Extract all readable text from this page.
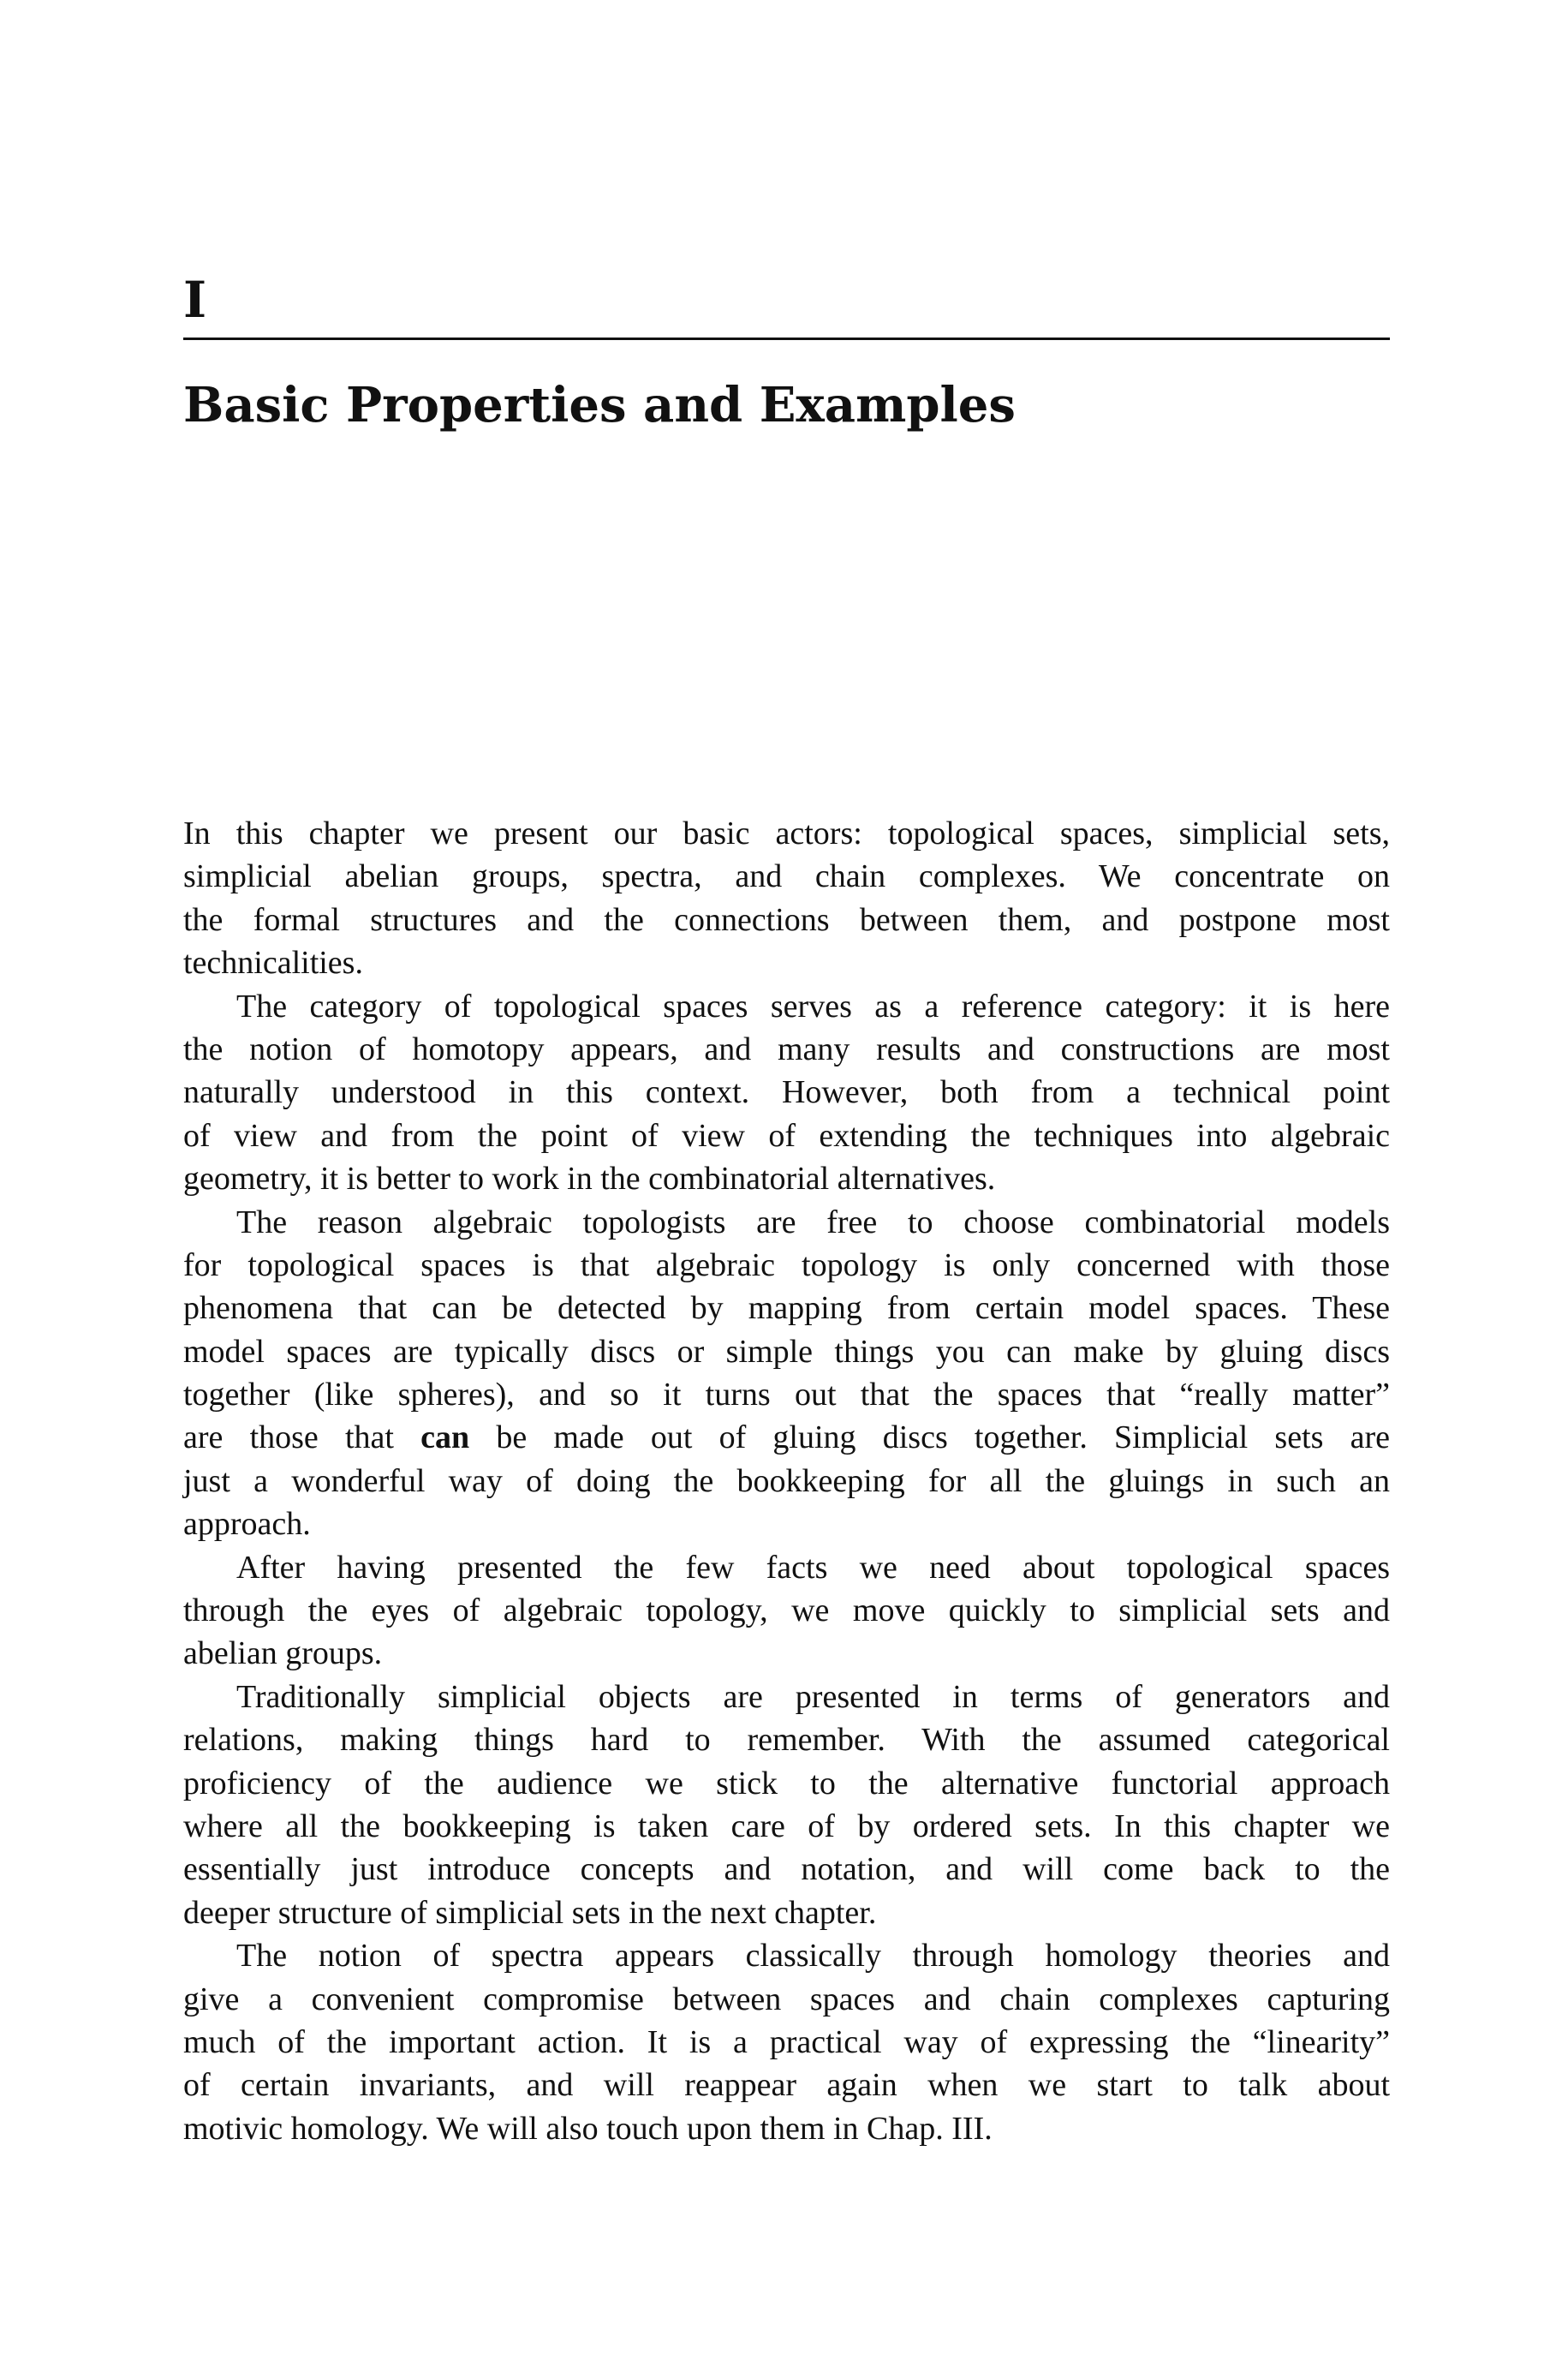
I
Basic Properties and Examples
In this chapter we present our basic actors: topological spaces, simplicial sets,
simplicial abelian groups, spectra, and chain complexes. We concentrate on
the formal structures and the connections between them, and postpone most
technicalities.
The category of topological spaces serves as a reference category: it is here
the notion of homotopy appears, and many results and constructions are most
naturally understood in this context. However, both from a technical point
of view and from the point of view of extending the techniques into algebraic
geometry, it is better to work in the combinatorial alternatives.
The reason algebraic topologists are free to choose combinatorial models
for topological spaces is that algebraic topology is only concerned with those
phenomena that can be detected by mapping from certain model spaces. These
model spaces are typically discs or simple things you can make by gluing discs
together (like spheres), and so it turns out that the spaces that “really matter”
are those that can be made out of gluing discs together. Simplicial sets are
just a wonderful way of doing the bookkeeping for all the gluings in such an
approach.
After having presented the few facts we need about topological spaces
through the eyes of algebraic topology, we move quickly to simplicial sets and
abelian groups.
Traditionally simplicial objects are presented in terms of generators and
relations, making things hard to remember. With the assumed categorical
proficiency of the audience we stick to the alternative functorial approach
where all the bookkeeping is taken care of by ordered sets. In this chapter we
essentially just introduce concepts and notation, and will come back to the
deeper structure of simplicial sets in the next chapter.
The notion of spectra appears classically through homology theories and
give a convenient compromise between spaces and chain complexes capturing
much of the important action. It is a practical way of expressing the “linearity”
of certain invariants, and will reappear again when we start to talk about
motivic homology. We will also touch upon them in Chap. III.
